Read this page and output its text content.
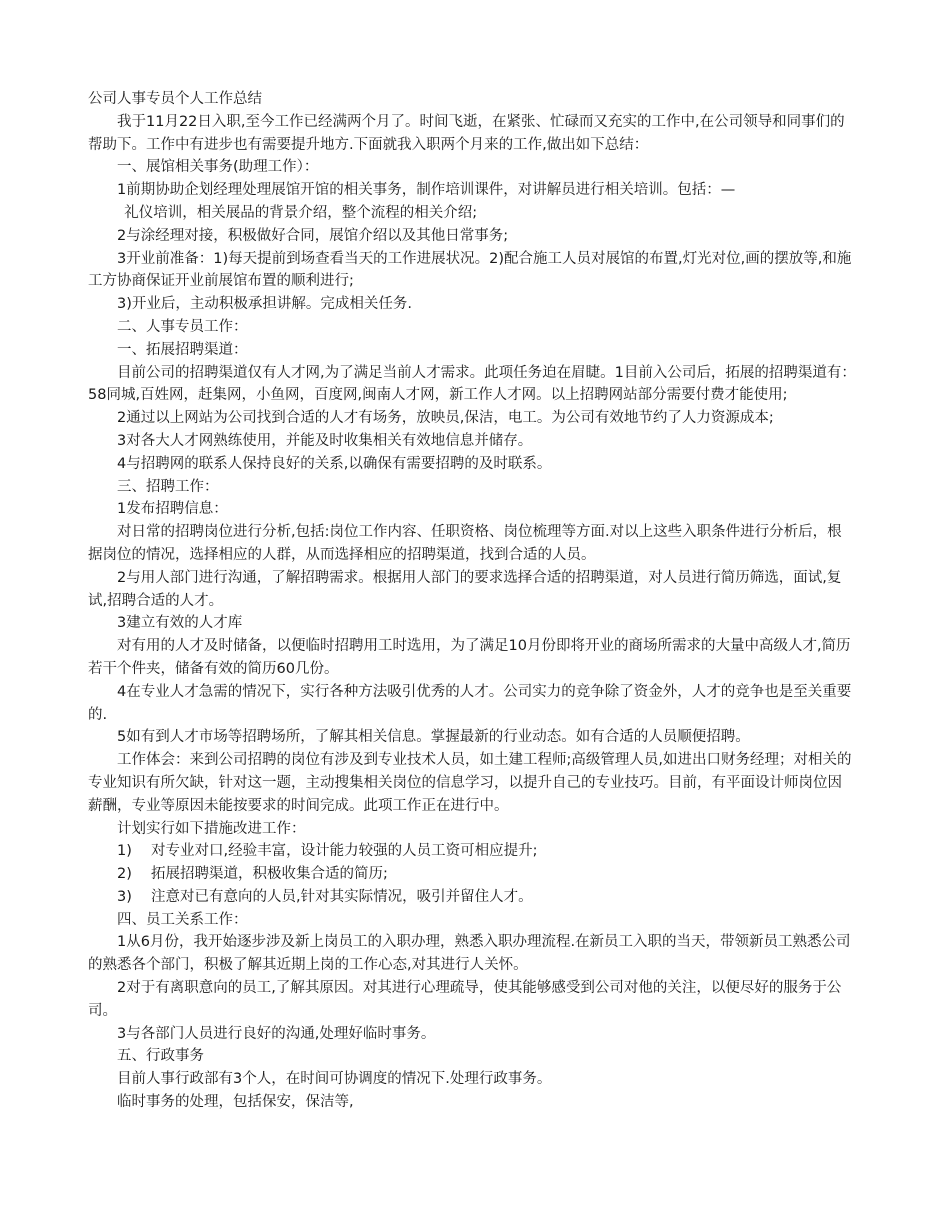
公司人事专员个人工作总结

我于11月22日入职,至今工作已经满两个月了。时间飞逝，在紧张、忙碌而又充实的工作中,在公司领导和同事们的帮助下。工作中有进步也有需要提升地方.下面就我入职两个月来的工作,做出如下总结：

一、展馆相关事务(助理工作）：

1前期协助企划经理处理展馆开馆的相关事务，制作培训课件，对讲解员进行相关培训。包括：—

礼仪培训，相关展品的背景介绍，整个流程的相关介绍;

2与涂经理对接，积极做好合同，展馆介绍以及其他日常事务;

3开业前准备：1)每天提前到场查看当天的工作进展状况。2)配合施工人员对展馆的布置,灯光对位,画的摆放等,和施工方协商保证开业前展馆布置的顺利进行;

3)开业后，主动积极承担讲解。完成相关任务.

二、人事专员工作：

一、拓展招聘渠道：

目前公司的招聘渠道仅有人才网,为了满足当前人才需求。此项任务迫在眉睫。1目前入公司后，拓展的招聘渠道有：58同城,百姓网，赶集网，小鱼网，百度网,闽南人才网，新工作人才网。以上招聘网站部分需要付费才能使用;

2通过以上网站为公司找到合适的人才有场务，放映员,保洁，电工。为公司有效地节约了人力资源成本;

3对各大人才网熟练使用，并能及时收集相关有效地信息并储存。

4与招聘网的联系人保持良好的关系,以确保有需要招聘的及时联系。

三、招聘工作：

1发布招聘信息：

对日常的招聘岗位进行分析,包括:岗位工作内容、任职资格、岗位梳理等方面.对以上这些入职条件进行分析后，根据岗位的情况，选择相应的人群，从而选择相应的招聘渠道，找到合适的人员。

2与用人部门进行沟通，了解招聘需求。根据用人部门的要求选择合适的招聘渠道，对人员进行简历筛选，面试,复试,招聘合适的人才。

3建立有效的人才库

对有用的人才及时储备，以便临时招聘用工时选用，为了满足10月份即将开业的商场所需求的大量中高级人才,简历若干个件夹，储备有效的简历60几份。

4在专业人才急需的情况下，实行各种方法吸引优秀的人才。公司实力的竞争除了资金外，人才的竞争也是至关重要的.

5如有到人才市场等招聘场所，了解其相关信息。掌握最新的行业动态。如有合适的人员顺便招聘。

工作体会：来到公司招聘的岗位有涉及到专业技术人员，如土建工程师;高级管理人员,如进出口财务经理；对相关的专业知识有所欠缺，针对这一题，主动搜集相关岗位的信息学习，以提升自己的专业技巧。目前，有平面设计师岗位因薪酬，专业等原因未能按要求的时间完成。此项工作正在进行中。

计划实行如下措施改进工作：

1)　 对专业对口,经验丰富，设计能力较强的人员工资可相应提升;

2)　 拓展招聘渠道，积极收集合适的简历;

3)　 注意对已有意向的人员,针对其实际情况，吸引并留住人才。

四、员工关系工作：

1从6月份，我开始逐步涉及新上岗员工的入职办理，熟悉入职办理流程.在新员工入职的当天，带领新员工熟悉公司的熟悉各个部门，积极了解其近期上岗的工作心态,对其进行人关怀。

2对于有离职意向的员工,了解其原因。对其进行心理疏导，使其能够感受到公司对他的关注，以便尽好的服务于公司。

3与各部门人员进行良好的沟通,处理好临时事务。

五、行政事务

目前人事行政部有3个人，在时间可协调度的情况下.处理行政事务。

临时事务的处理，包括保安，保洁等,
